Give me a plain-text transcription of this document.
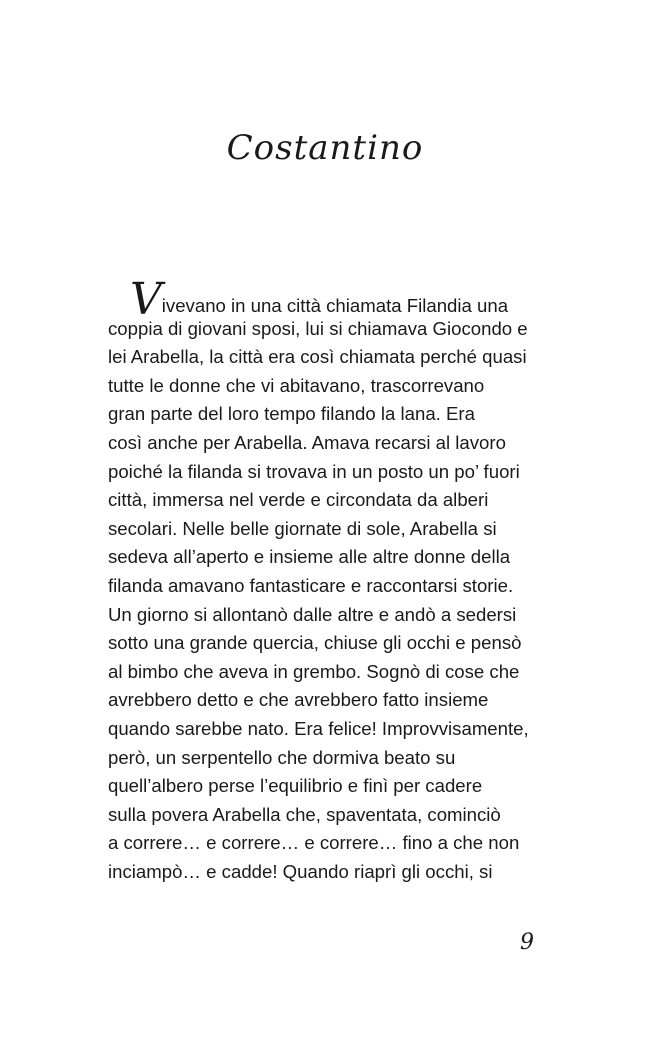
Costantino
Vivevano in una città chiamata Filandia una
coppia di giovani sposi, lui si chiamava Giocondo e
lei Arabella, la città era così chiamata perché quasi
tutte le donne che vi abitavano, trascorrevano
gran parte del loro tempo filando la lana. Era
così anche per Arabella. Amava recarsi al lavoro
poiché la filanda si trovava in un posto un po’ fuori
città, immersa nel verde e circondata da alberi
secolari. Nelle belle giornate di sole, Arabella si
sedeva all’aperto e insieme alle altre donne della
filanda amavano fantasticare e raccontarsi storie.
Un giorno si allontanò dalle altre e andò a sedersi
sotto una grande quercia, chiuse gli occhi e pensò
al bimbo che aveva in grembo. Sognò di cose che
avrebbero detto e che avrebbero fatto insieme
quando sarebbe nato. Era felice! Improvvisamente,
però, un serpentello che dormiva beato su
quell’albero perse l’equilibrio e finì per cadere
sulla povera Arabella che, spaventata, cominciò
a correre… e correre… e correre… fino a che non
inciampò… e cadde! Quando riaprì gli occhi, si
9
